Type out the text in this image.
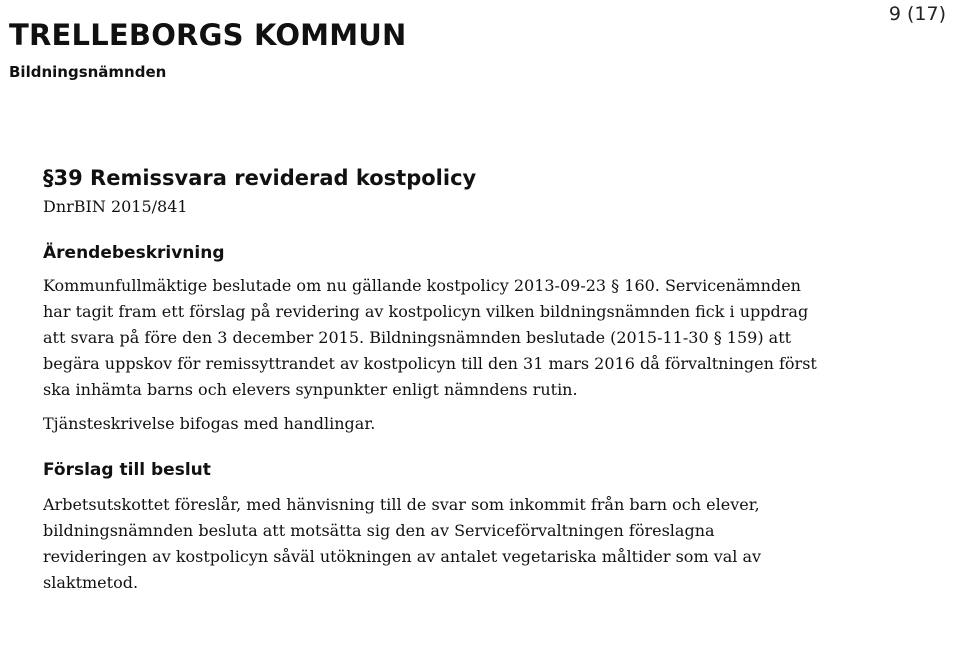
9 (17)
TRELLEBORGS KOMMUN
Bildningsnämnden
§39 Remissvara reviderad kostpolicy
DnrBIN 2015/841
Ärendebeskrivning

Kommunfullmäktige beslutade om nu gällande kostpolicy 2013-09-23 § 160. Servicenämnden har tagit fram ett förslag på revidering av kostpolicyn vilken bildningsnämnden fick i uppdrag att svara på före den 3 december 2015. Bildningsnämnden beslutade (2015-11-30 § 159) att begära uppskov för remissyttrandet av kostpolicyn till den 31 mars 2016 då förvaltningen först ska inhämta barns och elevers synpunkter enligt nämndens rutin.

Tjänsteskrivelse bifogas med handlingar.

Förslag till beslut

Arbetsutskottet föreslår, med hänvisning till de svar som inkommit från barn och elever, bildningsnämnden besluta att motsätta sig den av Serviceförvaltningen föreslagna revideringen av kostpolicyn såväl utökningen av antalet vegetariska måltider som val av slaktmetod.
